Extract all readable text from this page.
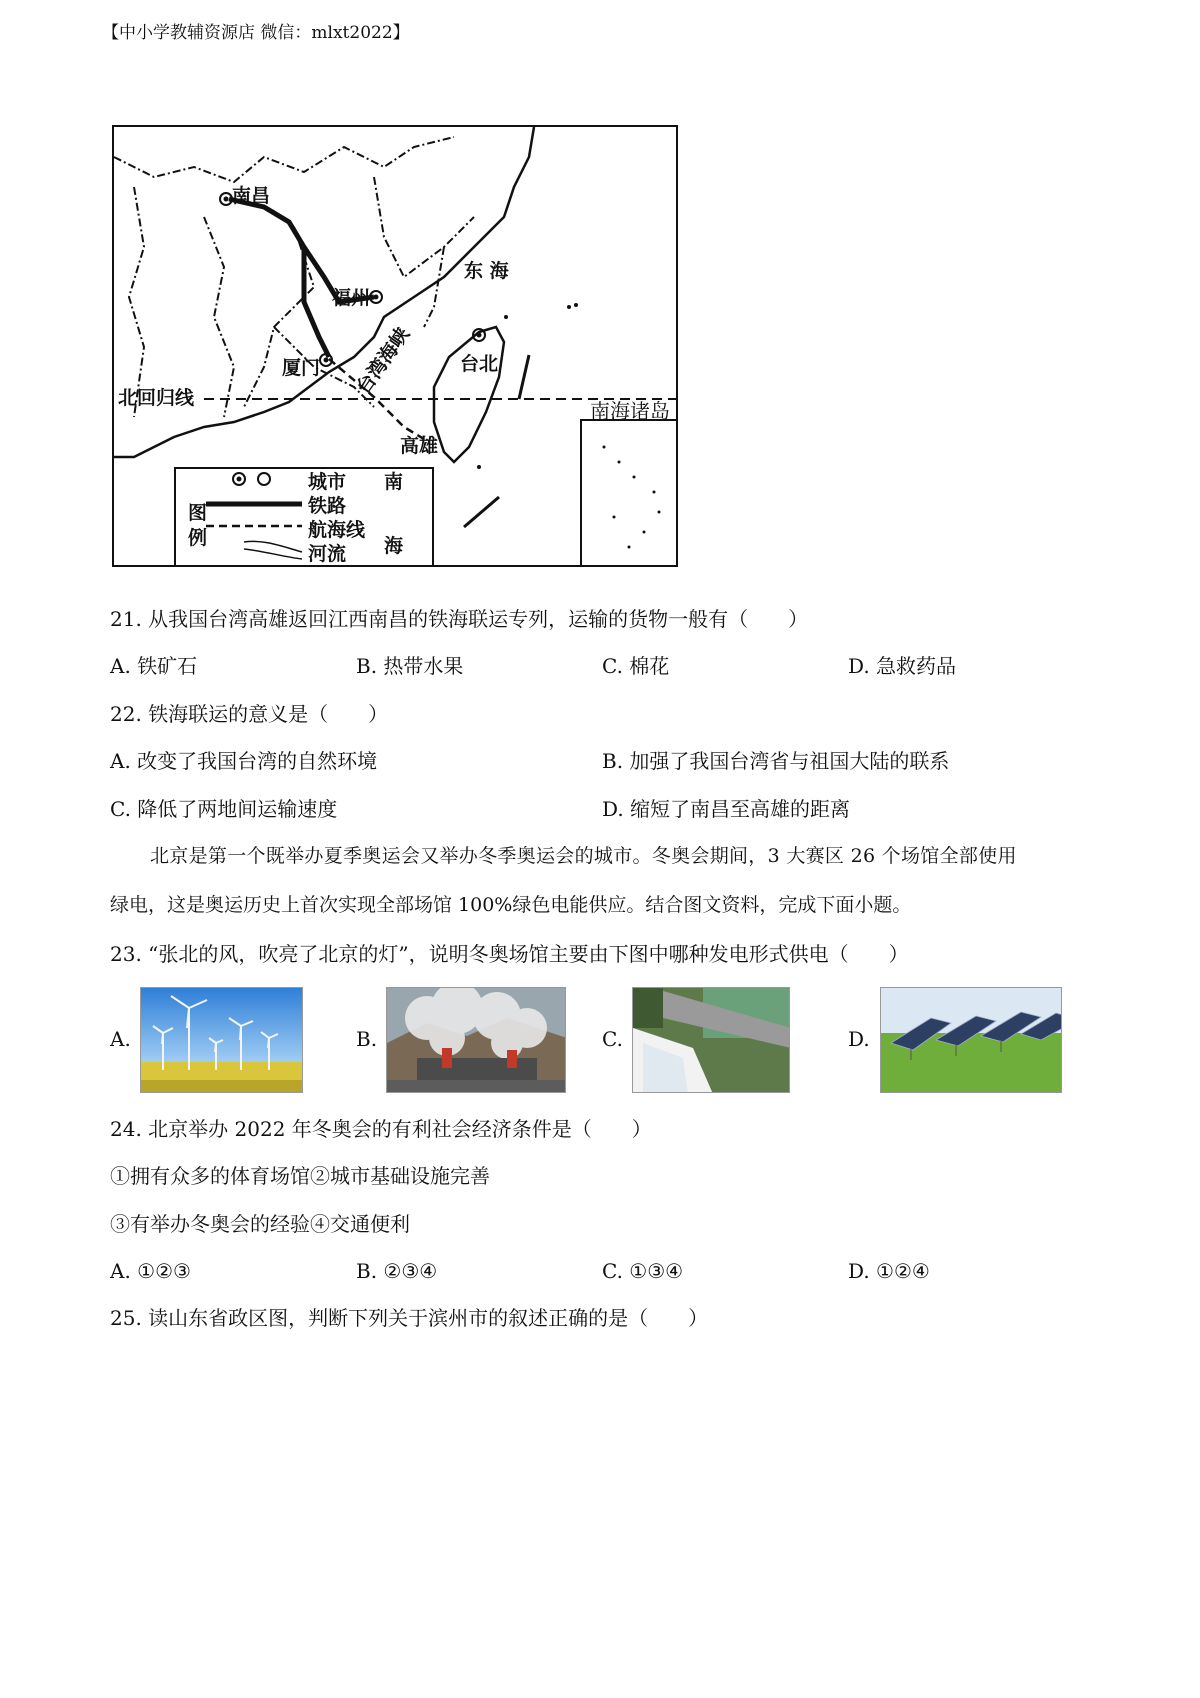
【中小学教辅资源店 微信：mlxt2022】
南昌
福州
东 海
厦门 台湾海峡 台北
北回归线
高雄
南
海
南海诸岛
图例
城市
铁路
航海线
河流
21. 从我国台湾高雄返回江西南昌的铁海联运专列，运输的货物一般有（　　）
A. 铁矿石	B. 热带水果	C. 棉花	D. 急救药品
22. 铁海联运的意义是（　　）
A. 改变了我国台湾的自然环境	B. 加强了我国台湾省与祖国大陆的联系
C. 降低了两地间运输速度	D. 缩短了南昌至高雄的距离
北京是第一个既举办夏季奥运会又举办冬季奥运会的城市。冬奥会期间，3 大赛区 26 个场馆全部使用
绿电，这是奥运历史上首次实现全部场馆 100%绿色电能供应。结合图文资料，完成下面小题。
23. “张北的风，吹亮了北京的灯”，说明冬奥场馆主要由下图中哪种发电形式供电（　　）
A.	B.	C.	D.
24. 北京举办 2022 年冬奥会的有利社会经济条件是（　　）
①拥有众多的体育场馆②城市基础设施完善
③有举办冬奥会的经验④交通便利
A. ①②③	B. ②③④	C. ①③④	D. ①②④
25. 读山东省政区图，判断下列关于滨州市的叙述正确的是（　　）
